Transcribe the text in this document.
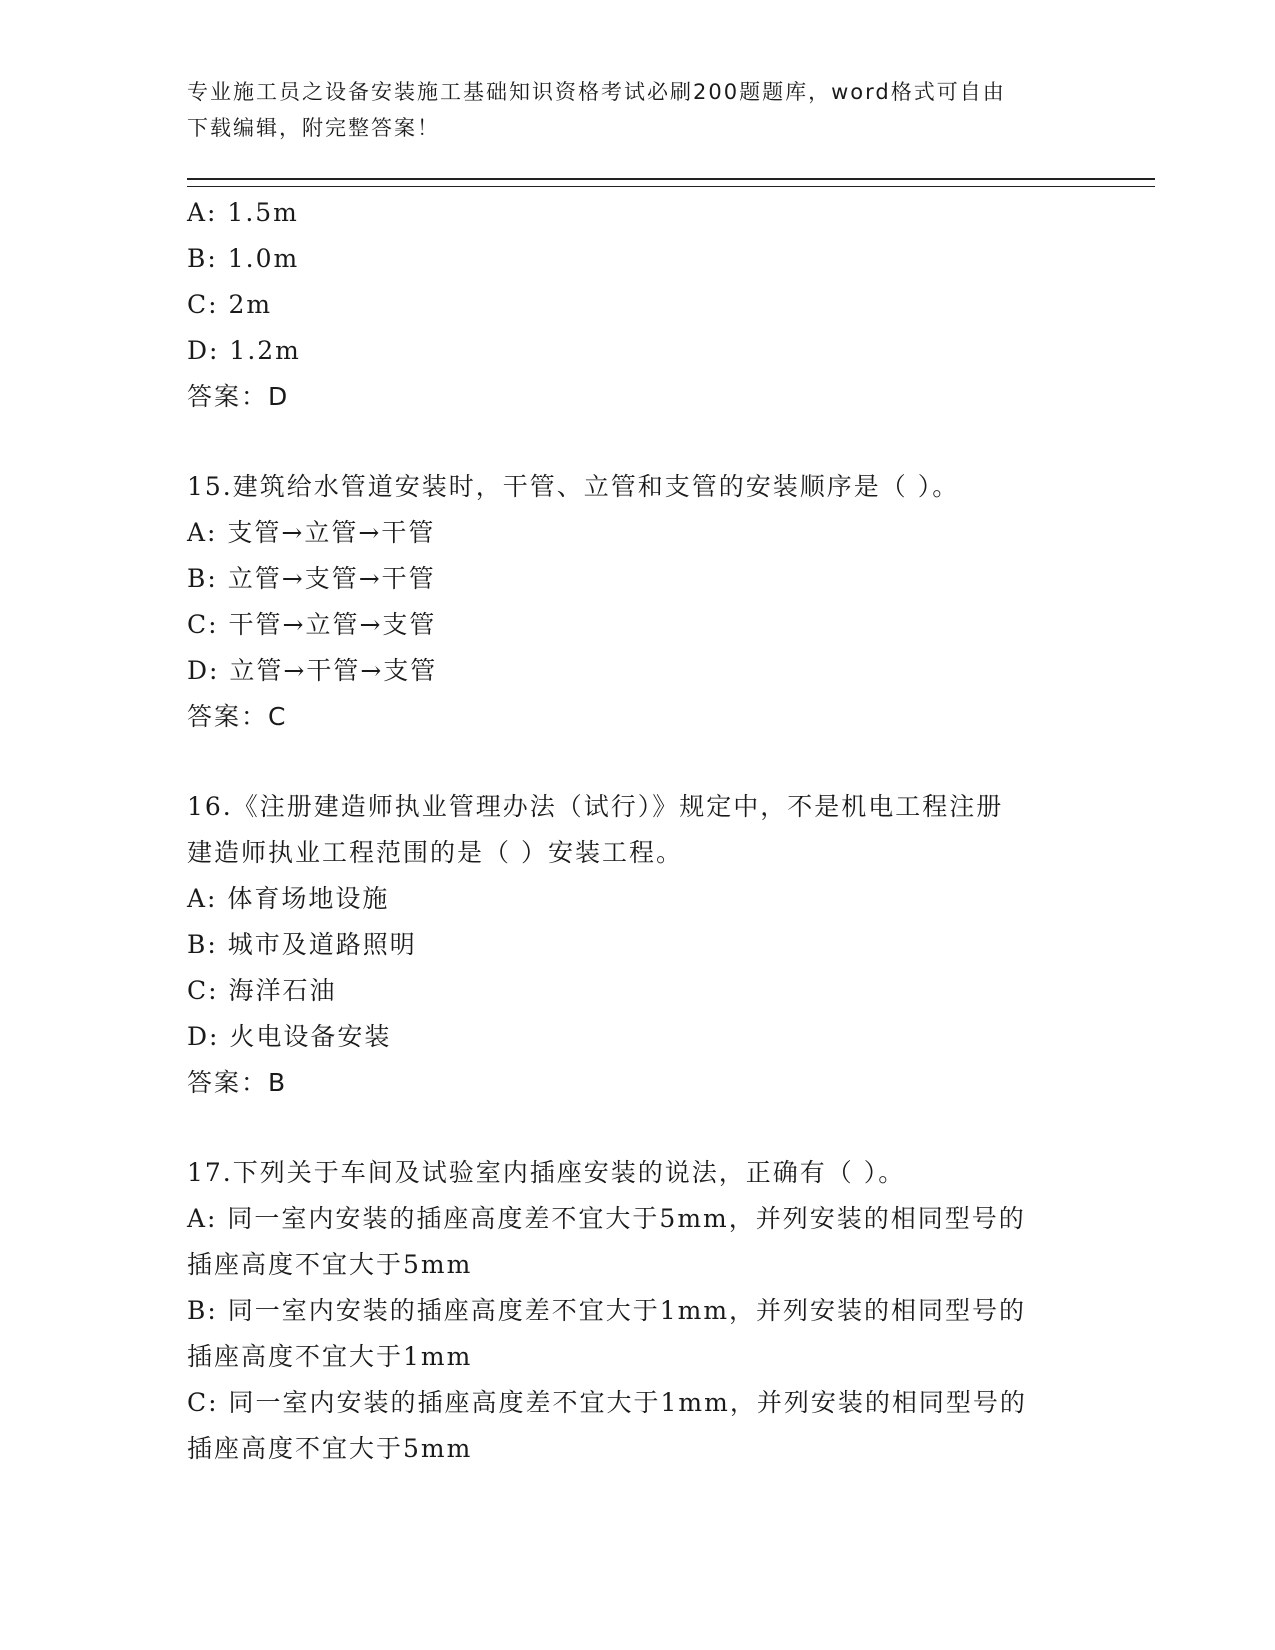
专业施工员之设备安装施工基础知识资格考试必刷200题题库，word格式可自由
下载编辑，附完整答案！
A: 1.5m
B: 1.0m
C: 2m
D: 1.2m
答案：D
15.建筑给水管道安装时，干管、立管和支管的安装顺序是（ ）。
A: 支管→立管→干管
B: 立管→支管→干管
C: 干管→立管→支管
D: 立管→干管→支管
答案：C
16.《注册建造师执业管理办法（试行）》规定中，不是机电工程注册
建造师执业工程范围的是（ ）安装工程。
A: 体育场地设施
B: 城市及道路照明
C: 海洋石油
D: 火电设备安装
答案：B
17.下列关于车间及试验室内插座安装的说法，正确有（ ）。
A: 同一室内安装的插座高度差不宜大于5mm，并列安装的相同型号的
插座高度不宜大于5mm
B: 同一室内安装的插座高度差不宜大于1mm，并列安装的相同型号的
插座高度不宜大于1mm
C: 同一室内安装的插座高度差不宜大于1mm，并列安装的相同型号的
插座高度不宜大于5mm
